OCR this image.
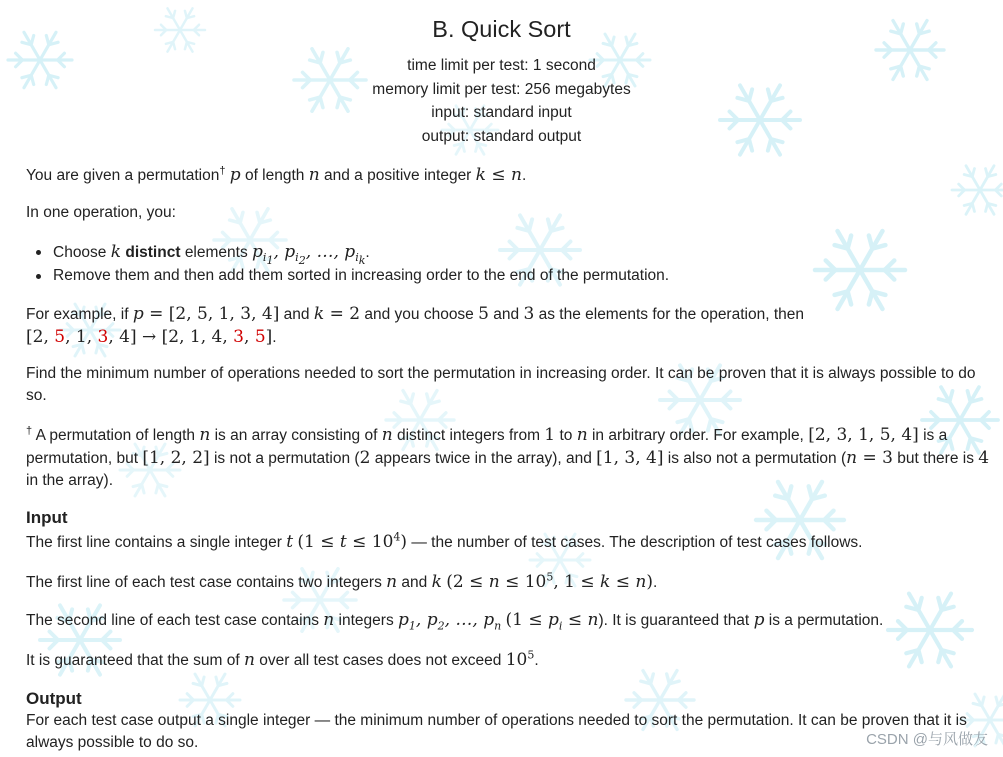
B. Quick Sort
time limit per test: 1 second
memory limit per test: 256 megabytes
input: standard input
output: standard output
You are given a permutation† p of length n and a positive integer k ≤ n.
In one operation, you:
Choose k distinct elements $p_{i_1}$, $p_{i_2}$, …, $p_{i_k}$.
Remove them and then add them sorted in increasing order to the end of the permutation.
For example, if p = [2, 5, 1, 3, 4] and k = 2 and you choose 5 and 3 as the elements for the operation, then
[2, 5, 1, 3, 4] → [2, 1, 4, 3, 5].
Find the minimum number of operations needed to sort the permutation in increasing order. It can be proven that it is always possible to do so.
† A permutation of length n is an array consisting of n distinct integers from 1 to n in arbitrary order. For example, [2, 3, 1, 5, 4] is a permutation, but [1, 2, 2] is not a permutation (2 appears twice in the array), and [1, 3, 4] is also not a permutation (n = 3 but there is 4 in the array).
Input
The first line contains a single integer t $(1 \le t \le 10^4)$ — the number of test cases. The description of test cases follows.
The first line of each test case contains two integers n and k ($2 \le n \le 10^5$, 1 ≤ k ≤ n).
The second line of each test case contains n integers $p_1$, $p_2$, …, $p_n$ $(1 \le p_i \le n)$. It is guaranteed that p is a permutation.
It is guaranteed that the sum of n over all test cases does not exceed $10^5$.
Output
For each test case output a single integer — the minimum number of operations needed to sort the permutation. It can be proven that it is always possible to do so.	CSDN @与风做友
